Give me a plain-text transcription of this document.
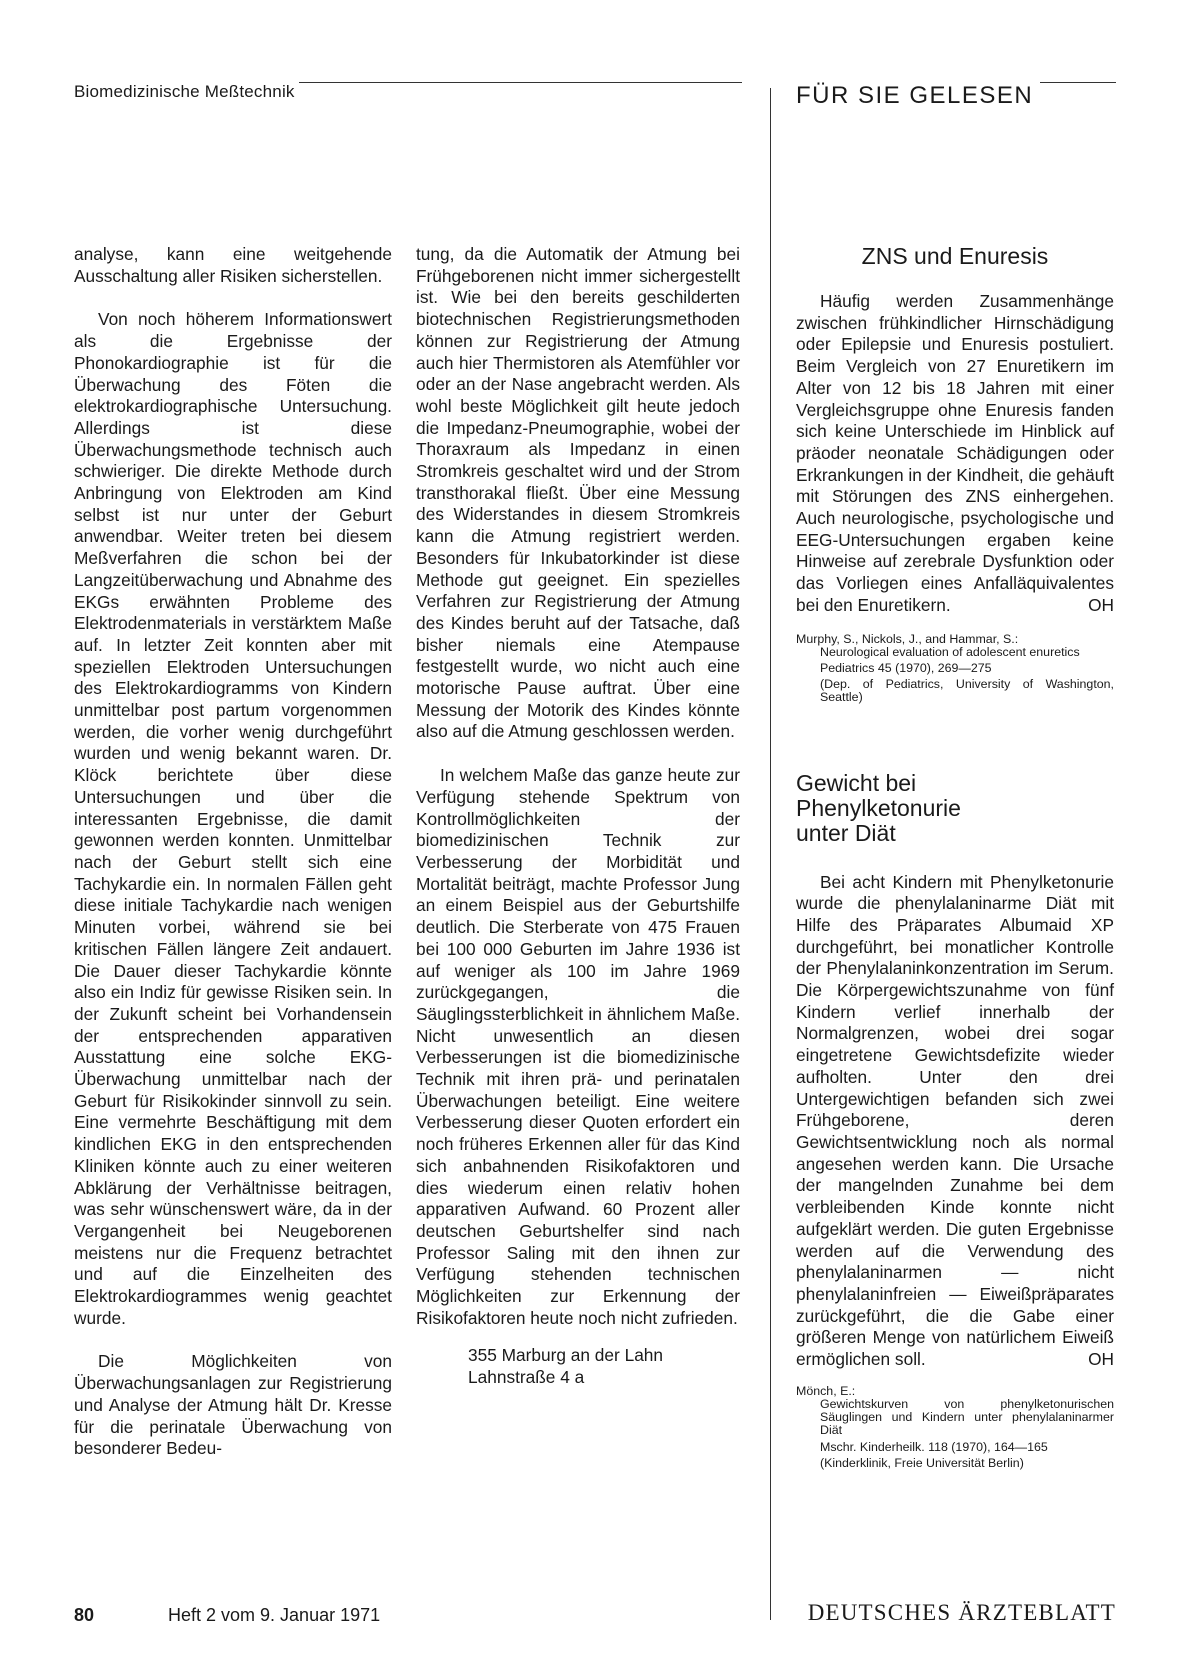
Biomedizinische Meßtechnik	FÜR SIE GELESEN

analyse, kann eine weitgehende Ausschaltung aller Risiken sicherstellen.

Von noch höherem Informationswert als die Ergebnisse der Phonokardiographie ist für die Überwachung des Föten die elektrokardiographische Untersuchung. Allerdings ist diese Überwachungsmethode technisch auch schwieriger. Die direkte Methode durch Anbringung von Elektroden am Kind selbst ist nur unter der Geburt anwendbar. Weiter treten bei diesem Meßverfahren die schon bei der Langzeitüberwachung und Abnahme des EKGs erwähnten Probleme des Elektrodenmaterials in verstärktem Maße auf. In letzter Zeit konnten aber mit speziellen Elektroden Untersuchungen des Elektrokardiogramms von Kindern unmittelbar post partum vorgenommen werden, die vorher wenig durchgeführt wurden und wenig bekannt waren. Dr. Klöck berichtete über diese Untersuchungen und über die interessanten Ergebnisse, die damit gewonnen werden konnten. Unmittelbar nach der Geburt stellt sich eine Tachykardie ein. In normalen Fällen geht diese initiale Tachykardie nach wenigen Minuten vorbei, während sie bei kritischen Fällen längere Zeit andauert. Die Dauer dieser Tachykardie könnte also ein Indiz für gewisse Risiken sein. In der Zukunft scheint bei Vorhandensein der entsprechenden apparativen Ausstattung eine solche EKG-Überwachung unmittelbar nach der Geburt für Risikokinder sinnvoll zu sein. Eine vermehrte Beschäftigung mit dem kindlichen EKG in den entsprechenden Kliniken könnte auch zu einer weiteren Abklärung der Verhältnisse beitragen, was sehr wünschenswert wäre, da in der Vergangenheit bei Neugeborenen meistens nur die Frequenz betrachtet und auf die Einzelheiten des Elektrokardiogrammes wenig geachtet wurde.

Die Möglichkeiten von Überwachungsanlagen zur Registrierung und Analyse der Atmung hält Dr. Kresse für die perinatale Überwachung von besonderer Bedeu-

tung, da die Automatik der Atmung bei Frühgeborenen nicht immer sichergestellt ist. Wie bei den bereits geschilderten biotechnischen Registrierungsmethoden können zur Registrierung der Atmung auch hier Thermistoren als Atemfühler vor oder an der Nase angebracht werden. Als wohl beste Möglichkeit gilt heute jedoch die Impedanz-Pneumographie, wobei der Thoraxraum als Impedanz in einen Stromkreis geschaltet wird und der Strom transthorakal fließt. Über eine Messung des Widerstandes in diesem Stromkreis kann die Atmung registriert werden. Besonders für Inkubatorkinder ist diese Methode gut geeignet. Ein spezielles Verfahren zur Registrierung der Atmung des Kindes beruht auf der Tatsache, daß bisher niemals eine Atempause festgestellt wurde, wo nicht auch eine motorische Pause auftrat. Über eine Messung der Motorik des Kindes könnte also auf die Atmung geschlossen werden.

In welchem Maße das ganze heute zur Verfügung stehende Spektrum von Kontrollmöglichkeiten der biomedizinischen Technik zur Verbesserung der Morbidität und Mortalität beiträgt, machte Professor Jung an einem Beispiel aus der Geburtshilfe deutlich. Die Sterberate von 475 Frauen bei 100 000 Geburten im Jahre 1936 ist auf weniger als 100 im Jahre 1969 zurückgegangen, die Säuglingssterblichkeit in ähnlichem Maße. Nicht unwesentlich an diesen Verbesserungen ist die biomedizinische Technik mit ihren prä- und perinatalen Überwachungen beteiligt. Eine weitere Verbesserung dieser Quoten erfordert ein noch früheres Erkennen aller für das Kind sich anbahnenden Risikofaktoren und dies wiederum einen relativ hohen apparativen Aufwand. 60 Prozent aller deutschen Geburtshelfer sind nach Professor Saling mit den ihnen zur Verfügung stehenden technischen Möglichkeiten zur Erkennung der Risikofaktoren heute noch nicht zufrieden.

355 Marburg an der Lahn
Lahnstraße 4 a
ZNS und Enuresis

Häufig werden Zusammenhänge zwischen frühkindlicher Hirnschädigung oder Epilepsie und Enuresis postuliert. Beim Vergleich von 27 Enuretikern im Alter von 12 bis 18 Jahren mit einer Vergleichsgruppe ohne Enuresis fanden sich keine Unterschiede im Hinblick auf präoder neonatale Schädigungen oder Erkrankungen in der Kindheit, die gehäuft mit Störungen des ZNS einhergehen. Auch neurologische, psychologische und EEG-Untersuchungen ergaben keine Hinweise auf zerebrale Dysfunktion oder das Vorliegen eines Anfalläquivalentes bei den Enuretikern.	OH

Murphy, S., Nickols, J., and Hammar, S.:
Neurological evaluation of adolescent enuretics
Pediatrics 45 (1970), 269—275
(Dep. of Pediatrics, University of Washington, Seattle)
Gewicht bei
Phenylketonurie
unter Diät

Bei acht Kindern mit Phenylketonurie wurde die phenylalaninarme Diät mit Hilfe des Präparates Albumaid XP durchgeführt, bei monatlicher Kontrolle der Phenylalaninkonzentration im Serum. Die Körpergewichtszunahme von fünf Kindern verlief innerhalb der Normalgrenzen, wobei drei sogar eingetretene Gewichtsdefizite wieder aufholten. Unter den drei Untergewichtigen befanden sich zwei Frühgeborene, deren Gewichtsentwicklung noch als normal angesehen werden kann. Die Ursache der mangelnden Zunahme bei dem verbleibenden Kinde konnte nicht aufgeklärt werden. Die guten Ergebnisse werden auf die Verwendung des phenylalaninarmen — nicht phenylalaninfreien — Eiweißpräparates zurückgeführt, die die Gabe einer größeren Menge von natürlichem Eiweiß ermöglichen soll.	OH

Mönch, E.:
Gewichtskurven von phenylketonurischen Säuglingen und Kindern unter phenylalaninarmer Diät
Mschr. Kinderheilk. 118 (1970), 164—165
(Kinderklinik, Freie Universität Berlin)
80	Heft 2 vom 9. Januar 1971	DEUTSCHES ÄRZTEBLATT
